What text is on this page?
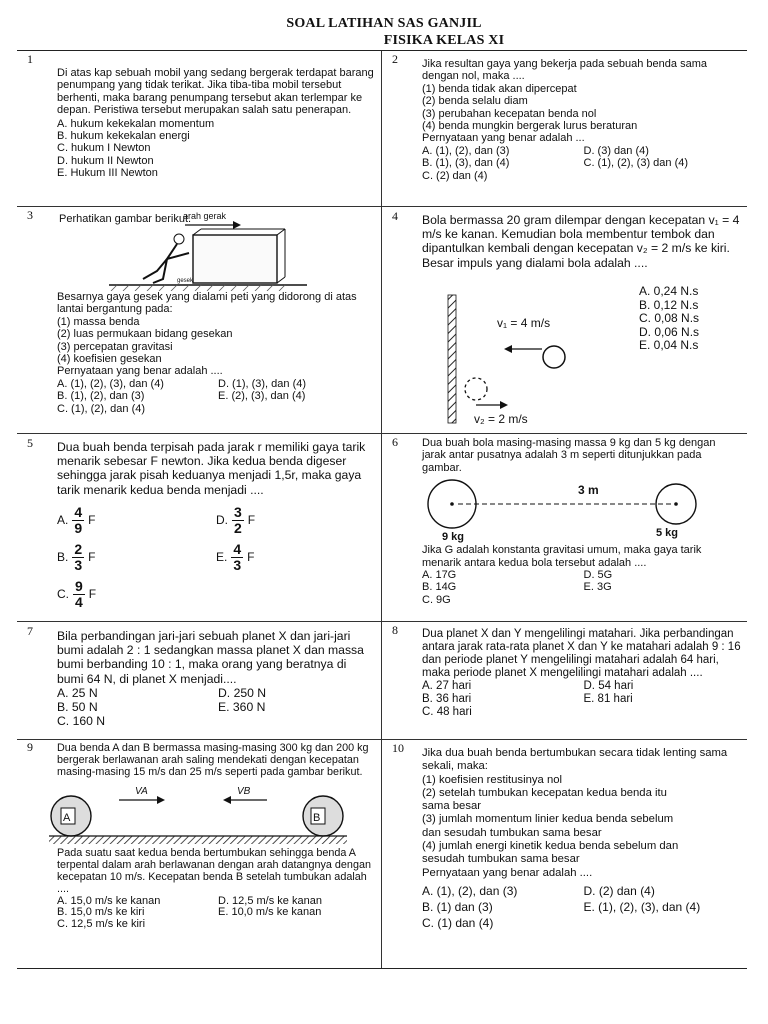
SOAL LATIHAN SAS GANJIL
FISIKA KELAS XI
1

Di atas kap sebuah mobil yang sedang bergerak terdapat barang penumpang yang tidak terikat. Jika tiba-tiba mobil tersebut berhenti, maka barang penumpang tersebut akan terlempar ke depan. Peristiwa tersebut merupakan salah satu penerapan.

A. hukum kekekalan momentum
B. hukum kekekalan energi
C. hukum I Newton
D. hukum II Newton
E. Hukum III Newton
2 Jika resultan gaya yang bekerja pada sebuah benda sama dengan nol, maka ....

(1) benda tidak akan dipercepat
(2) benda selalu diam
(3) perubahan kecepatan benda nol
(4) benda mungkin bergerak lurus beraturan
Pernyataan yang benar adalah ...
A. (1), (2), dan (3)	D. (3) dan (4)
B. (1), (3), dan (4)	C. (1), (2), (3) dan (4)
C. (2) dan (4)
3 Perhatikan gambar berikut.
arah gerak
gesek

Besarnya gaya gesek yang dialami peti yang didorong di atas lantai bergantung pada:

(1) massa benda
(2) luas permukaan bidang gesekan
(3) percepatan gravitasi
(4) koefisien gesekan
Pernyataan yang benar adalah ....
A. (1), (2), (3), dan (4)	D. (1), (3), dan (4)
B. (1), (2), dan (3)	E. (2), (3), dan (4)
C. (1), (2), dan (4)
4 Bola bermassa 20 gram dilempar dengan kecepatan v₁ = 4 m/s ke kanan. Kemudian bola membentur tembok dan dipantulkan kembali dengan kecepatan v₂ = 2 m/s ke kiri. Besar impuls yang dialami bola adalah ....

v₁ = 4 m/s
v₂ = 2 m/s
A. 0,24 N.s
B. 0,12 N.s
C. 0,08 N.s
D. 0,06 N.s
E. 0,04 N.s
5 Dua buah benda terpisah pada jarak r memiliki gaya tarik menarik sebesar F newton. Jika kedua benda digeser sehingga jarak pisah keduanya menjadi 1,5r, maka gaya tarik menarik kedua benda menjadi ....

A. $\frac{4}{9}$ F	D. $\frac{3}{2}$ F
B. $\frac{2}{3}$ F	E. $\frac{4}{3}$ F
C. $\frac{9}{4}$ F
6 Dua buah bola masing-masing massa 9 kg dan 5 kg dengan jarak antar pusatnya adalah 3 m seperti ditunjukkan pada gambar.

3 m
9 kg	5 kg

Jika G adalah konstanta gravitasi umum, maka gaya tarik menarik antara kedua bola tersebut adalah ....

A. 17G	D. 5G
B. 14G	E. 3G
C. 9G
7 Bila perbandingan jari-jari sebuah planet X dan jari-jari bumi adalah 2 : 1 sedangkan massa planet X dan massa bumi berbanding 10 : 1, maka orang yang beratnya di bumi 64 N, di planet X menjadi....

A. 25 N	D. 250 N
B. 50 N	E. 360 N
C. 160 N
8 Dua planet X dan Y mengelilingi matahari. Jika perbandingan antara jarak rata-rata planet X dan Y ke matahari adalah 9 : 16 dan periode planet Y mengelilingi matahari adalah 64 hari, maka periode planet X mengelilingi matahari adalah ....

A. 27 hari	D. 54 hari
B. 36 hari	E. 81 hari
C. 48 hari
9 Dua benda A dan B bermassa masing-masing 300 kg dan 200 kg bergerak berlawanan arah saling mendekati dengan kecepatan masing-masing 15 m/s dan 25 m/s seperti pada gambar berikut.

VA	VB
A	B

Pada suatu saat kedua benda bertumbukan sehingga benda A terpental dalam arah berlawanan dengan arah datangnya dengan kecepatan 10 m/s. Kecepatan benda B setelah tumbukan adalah ....

A. 15,0 m/s ke kanan	D. 12,5 m/s ke kanan
B. 15,0 m/s ke kiri	E. 10,0 m/s ke kanan
C. 12,5 m/s ke kiri
10 Jika dua buah benda bertumbukan secara tidak lenting sama sekali, maka:

(1) koefisien restitusinya nol
(2) setelah tumbukan kecepatan kedua benda itu
sama besar
(3) jumlah momentum linier kedua benda sebelum
dan sesudah tumbukan sama besar
(4) jumlah energi kinetik kedua benda sebelum dan
sesudah tumbukan sama besar
Pernyataan yang benar adalah ....
A. (1), (2), dan (3)	D. (2) dan (4)
B. (1) dan (3)	E. (1), (2), (3), dan (4)
C. (1) dan (4)
